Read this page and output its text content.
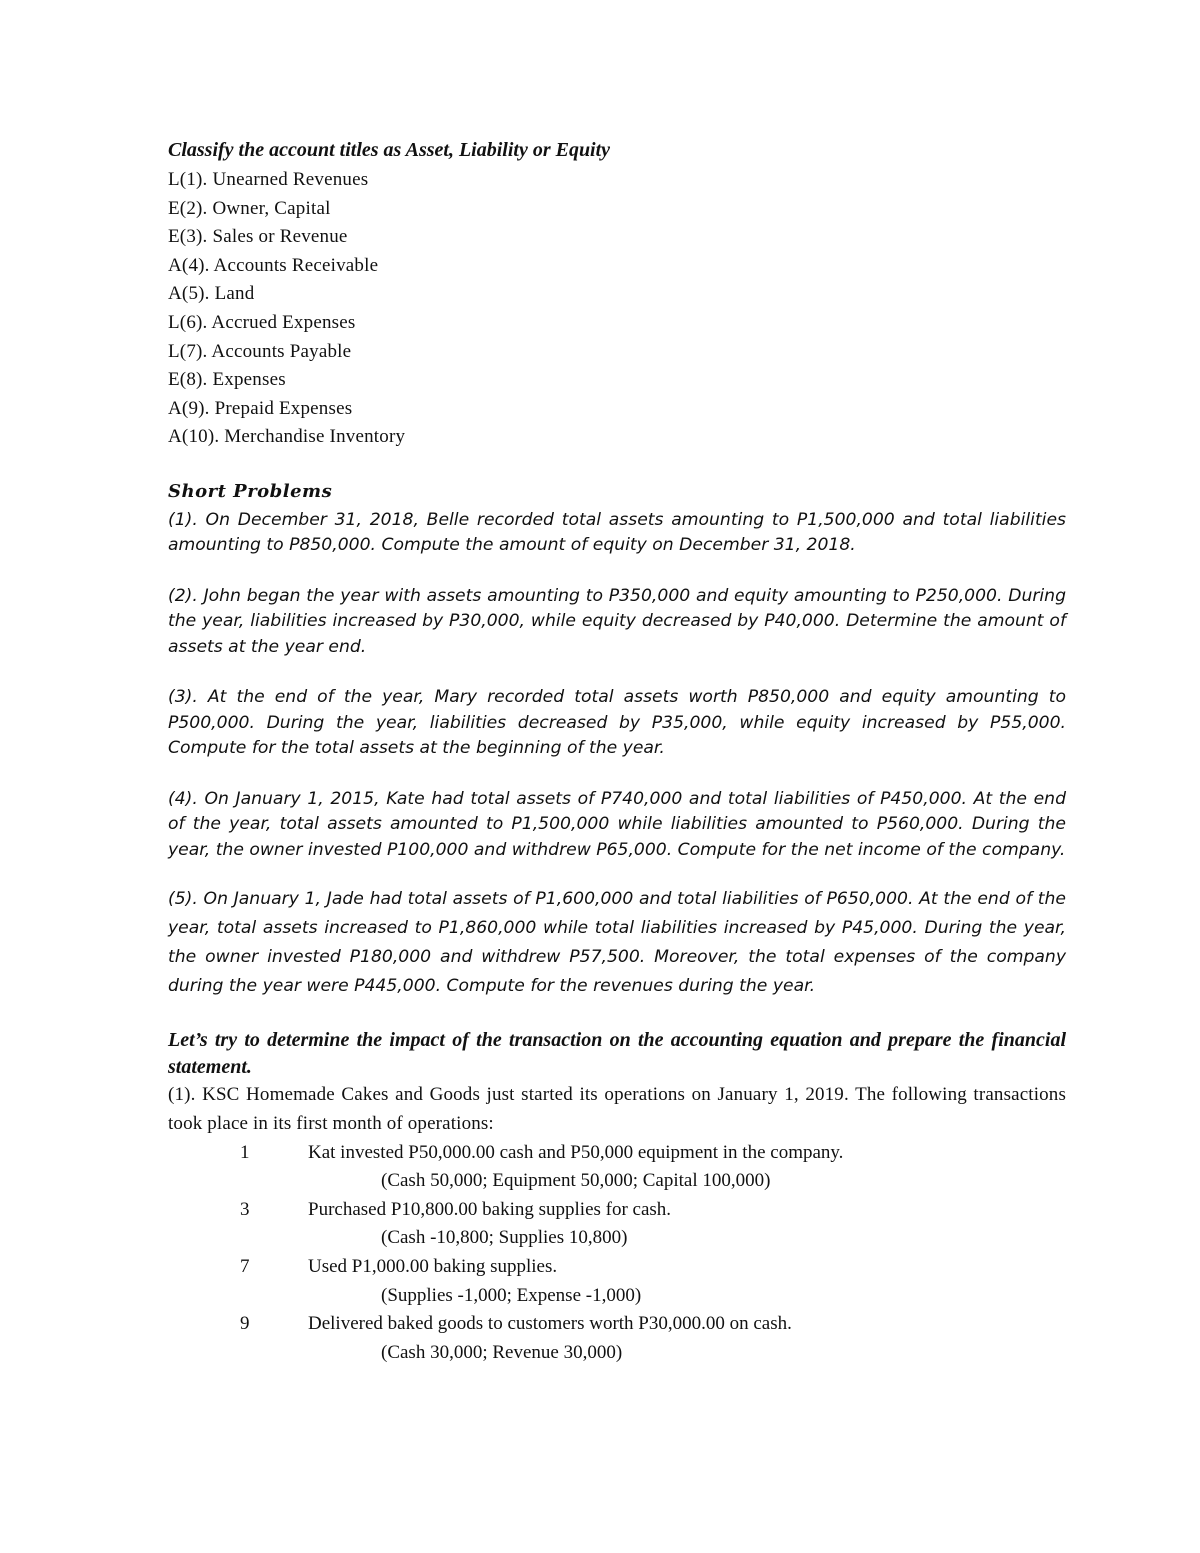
Classify the account titles as Asset, Liability or Equity
L(1). Unearned Revenues
E(2). Owner, Capital
E(3). Sales or Revenue
A(4). Accounts Receivable
A(5). Land
L(6). Accrued Expenses
L(7). Accounts Payable
E(8). Expenses
A(9). Prepaid Expenses
A(10). Merchandise Inventory
Short Problems

(1). On December 31, 2018, Belle recorded total assets amounting to P1,500,000 and total liabilities amounting to P850,000. Compute the amount of equity on December 31, 2018.

(2). John began the year with assets amounting to P350,000 and equity amounting to P250,000. During the year, liabilities increased by P30,000, while equity decreased by P40,000. Determine the amount of assets at the year end.

(3). At the end of the year, Mary recorded total assets worth P850,000 and equity amounting to P500,000. During the year, liabilities decreased by P35,000, while equity increased by P55,000. Compute for the total assets at the beginning of the year.

(4). On January 1, 2015, Kate had total assets of P740,000 and total liabilities of P450,000. At the end of the year, total assets amounted to P1,500,000 while liabilities amounted to P560,000. During the year, the owner invested P100,000 and withdrew P65,000. Compute for the net income of the company.

(5). On January 1, Jade had total assets of P1,600,000 and total liabilities of P650,000. At the end of the year, total assets increased to P1,860,000 while total liabilities increased by P45,000. During the year, the owner invested P180,000 and withdrew P57,500. Moreover, the total expenses of the company during the year were P445,000. Compute for the revenues during the year.

Let’s try to determine the impact of the transaction on the accounting equation and prepare the financial statement.

(1). KSC Homemade Cakes and Goods just started its operations on January 1, 2019. The following transactions took place in its first month of operations:

1	Kat invested P50,000.00 cash and P50,000 equipment in the company.
(Cash 50,000; Equipment 50,000; Capital 100,000)
3	Purchased P10,800.00 baking supplies for cash.
(Cash -10,800; Supplies 10,800)
7	Used P1,000.00 baking supplies.
(Supplies -1,000; Expense -1,000)
9	Delivered baked goods to customers worth P30,000.00 on cash.
(Cash 30,000; Revenue 30,000)
